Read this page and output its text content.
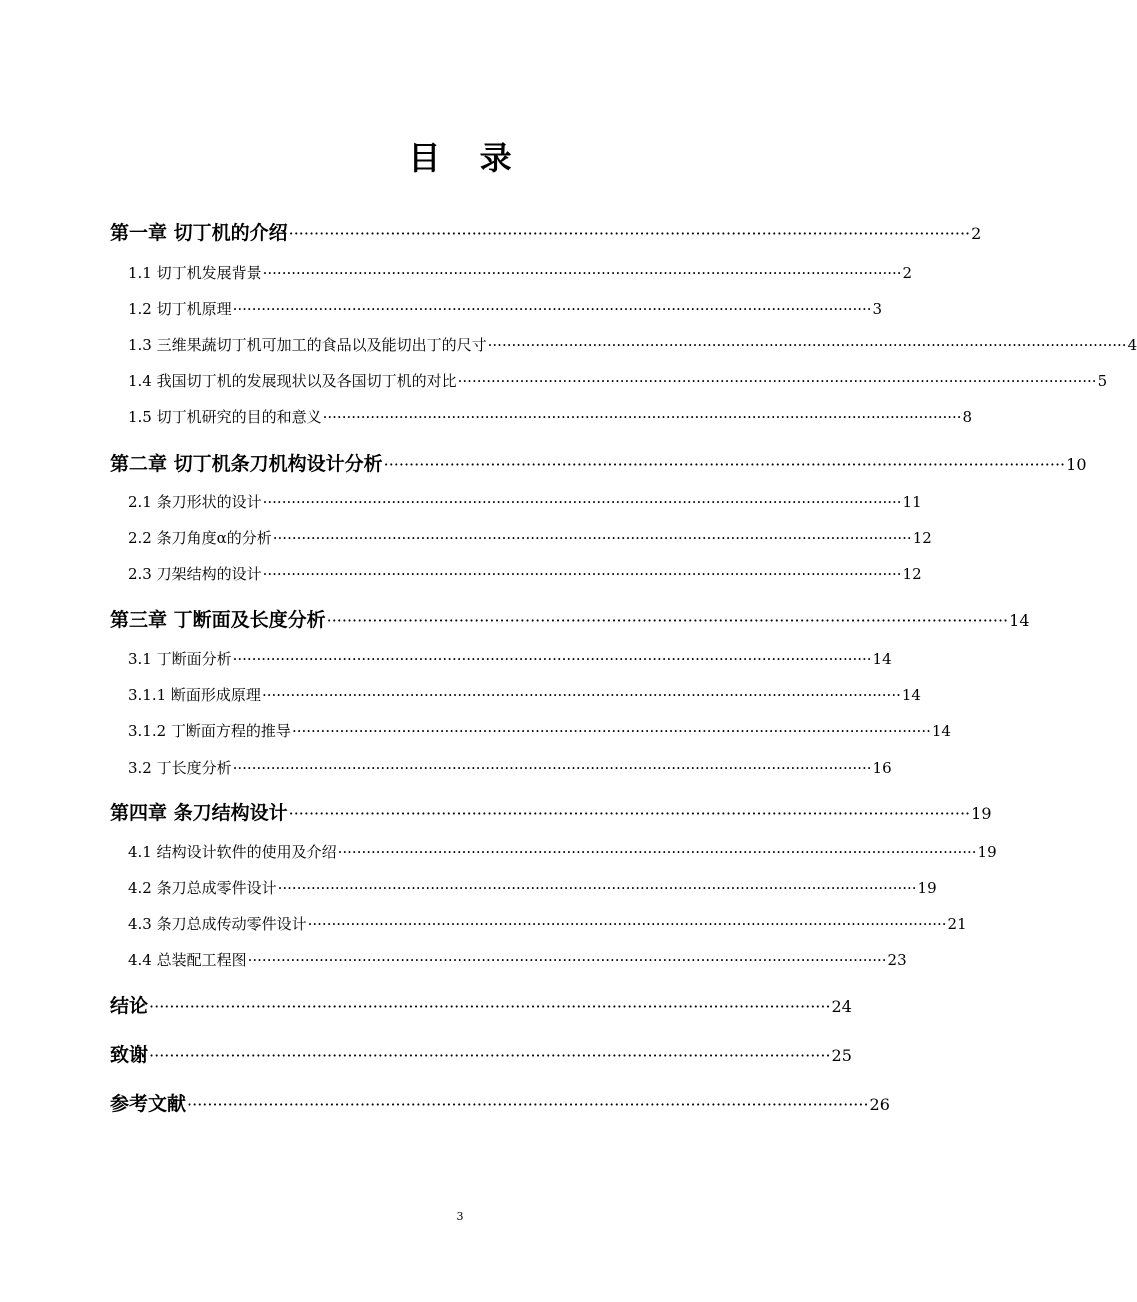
目 录
第一章 切丁机的介绍 ······································································································································ 2
1.1 切丁机发展背景 ······································································································································ 2
1.2 切丁机原理 ······································································································································ 3
1.3 三维果蔬切丁机可加工的食品以及能切出丁的尺寸 ······································································································································ 4
1.4 我国切丁机的发展现状以及各国切丁机的对比 ······································································································································ 5
1.5 切丁机研究的目的和意义 ······································································································································ 8
第二章 切丁机条刀机构设计分析 ······································································································································ 10
2.1 条刀形状的设计 ······································································································································ 11
2.2 条刀角度α的分析 ······································································································································ 12
2.3 刀架结构的设计 ······································································································································ 12
第三章 丁断面及长度分析 ······································································································································ 14
3.1 丁断面分析 ······································································································································ 14
3.1.1 断面形成原理 ······································································································································ 14
3.1.2 丁断面方程的推导 ······································································································································ 14
3.2 丁长度分析 ······································································································································ 16
第四章 条刀结构设计 ······································································································································ 19
4.1 结构设计软件的使用及介绍 ······································································································································ 19
4.2 条刀总成零件设计 ······································································································································ 19
4.3 条刀总成传动零件设计 ······································································································································ 21
4.4 总装配工程图 ······································································································································ 23
结论 ······································································································································ 24
致谢 ······································································································································ 25
参考文献 ······································································································································ 26
3
